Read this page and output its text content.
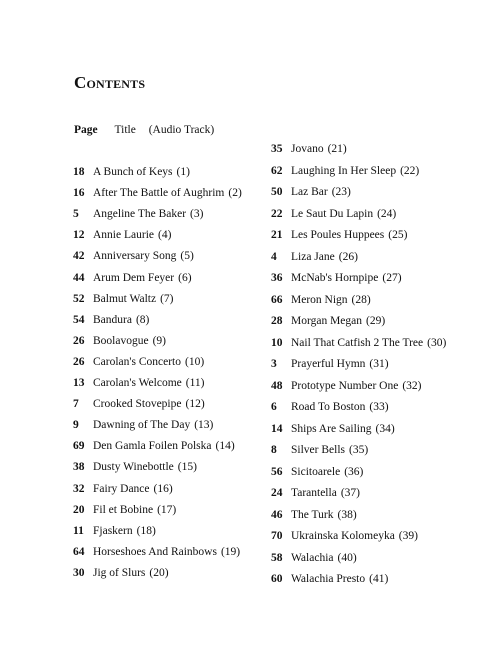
Contents
Page Title (Audio Track)
18 A Bunch of Keys (1)
16 After The Battle of Aughrim (2)
5 Angeline The Baker (3)
12 Annie Laurie (4)
42 Anniversary Song (5)
44 Arum Dem Feyer (6)
52 Balmut Waltz (7)
54 Bandura (8)
26 Boolavogue (9)
26 Carolan's Concerto (10)
13 Carolan's Welcome (11)
7 Crooked Stovepipe (12)
9 Dawning of The Day (13)
69 Den Gamla Foilen Polska (14)
38 Dusty Winebottle (15)
32 Fairy Dance (16)
20 Fil et Bobine (17)
11 Fjaskern (18)
64 Horseshoes And Rainbows (19)
30 Jig of Slurs (20)
35 Jovano (21)
62 Laughing In Her Sleep (22)
50 Laz Bar (23)
22 Le Saut Du Lapin (24)
21 Les Poules Huppees (25)
4 Liza Jane (26)
36 McNab's Hornpipe (27)
66 Meron Nign (28)
28 Morgan Megan (29)
10 Nail That Catfish 2 The Tree (30)
3 Prayerful Hymn (31)
48 Prototype Number One (32)
6 Road To Boston (33)
14 Ships Are Sailing (34)
8 Silver Bells (35)
56 Sicitoarele (36)
24 Tarantella (37)
46 The Turk (38)
70 Ukrainska Kolomeyka (39)
58 Walachia (40)
60 Walachia Presto (41)
